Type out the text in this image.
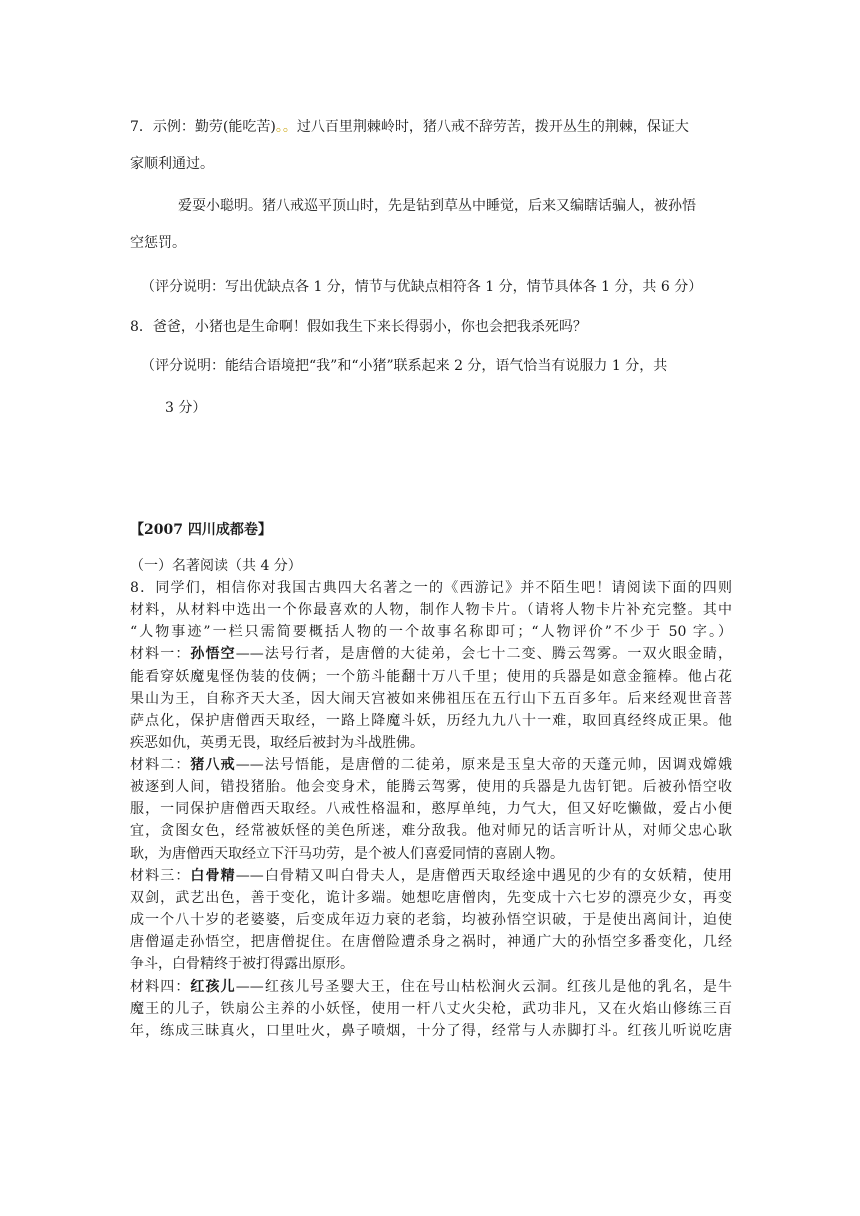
7．示例：勤劳(能吃苦)。。过八百里荆棘岭时，猪八戒不辞劳苦，拨开丛生的荆棘，保证大
家顺利通过。
爱耍小聪明。猪八戒巡平顶山时，先是钻到草丛中睡觉，后来又编瞎话骗人，被孙悟
空惩罚。
（评分说明：写出优缺点各 1 分，情节与优缺点相符各 1 分，情节具体各 1 分，共 6 分）
8．爸爸，小猪也是生命啊！假如我生下来长得弱小，你也会把我杀死吗？
（评分说明：能结合语境把“我”和“小猪”联系起来 2 分，语气恰当有说服力 1 分，共
3 分）
【2007 四川成都卷】
（一）名著阅读（共 4 分）
8．同学们，相信你对我国古典四大名著之一的《西游记》并不陌生吧！请阅读下面的四则
材料，从材料中选出一个你最喜欢的人物，制作人物卡片。（请将人物卡片补充完整。其中
“人物事迹”一栏只需简要概括人物的一个故事名称即可；“人物评价”不少于 50 字。）
材料一：孙悟空——法号行者，是唐僧的大徒弟，会七十二变、腾云驾雾。一双火眼金睛，
能看穿妖魔鬼怪伪装的伎俩；一个筋斗能翻十万八千里；使用的兵器是如意金箍棒。他占花
果山为王，自称齐天大圣，因大闹天宫被如来佛祖压在五行山下五百多年。后来经观世音菩
萨点化，保护唐僧西天取经，一路上降魔斗妖，历经九九八十一难，取回真经终成正果。他
疾恶如仇，英勇无畏，取经后被封为斗战胜佛。
材料二：猪八戒——法号悟能，是唐僧的二徒弟，原来是玉皇大帝的天蓬元帅，因调戏嫦娥
被逐到人间，错投猪胎。他会变身术，能腾云驾雾，使用的兵器是九齿钉钯。后被孙悟空收
服，一同保护唐僧西天取经。八戒性格温和，憨厚单纯，力气大，但又好吃懒做，爱占小便
宜，贪图女色，经常被妖怪的美色所迷，难分敌我。他对师兄的话言听计从，对师父忠心耿
耿，为唐僧西天取经立下汗马功劳，是个被人们喜爱同情的喜剧人物。
材料三：白骨精——白骨精又叫白骨夫人，是唐僧西天取经途中遇见的少有的女妖精，使用
双剑，武艺出色，善于变化，诡计多端。她想吃唐僧肉，先变成十六七岁的漂亮少女，再变
成一个八十岁的老婆婆，后变成年迈力衰的老翁，均被孙悟空识破，于是使出离间计，迫使
唐僧逼走孙悟空，把唐僧捉住。在唐僧险遭杀身之祸时，神通广大的孙悟空多番变化，几经
争斗，白骨精终于被打得露出原形。
材料四：红孩儿——红孩儿号圣婴大王，住在号山枯松涧火云洞。红孩儿是他的乳名，是牛
魔王的儿子，铁扇公主养的小妖怪，使用一杆八丈火尖枪，武功非凡，又在火焰山修练三百
年，练成三昧真火，口里吐火，鼻子喷烟，十分了得，经常与人赤脚打斗。红孩儿听说吃唐
